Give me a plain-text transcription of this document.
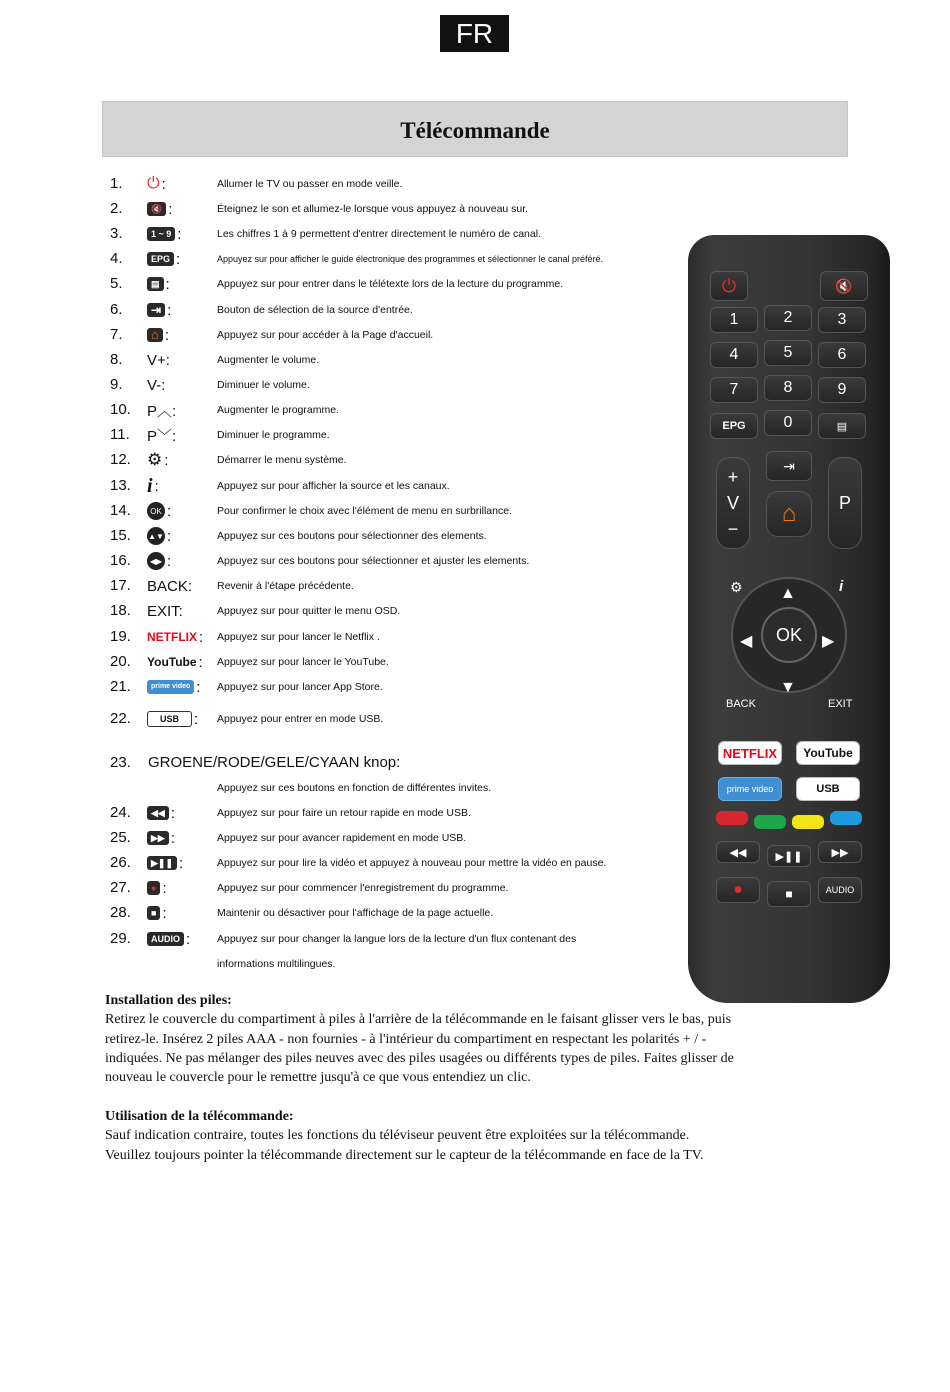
FR
Télécommande
1. ⏻ :	Allumer le TV ou passer en mode veille.
2.	🔇 :	Éteignez le son et allumez-le lorsque vous appuyez à nouveau sur.
3.	1 ~ 9 :	Les chiffres 1 à 9 permettent d'entrer directement le numéro de canal.
4.	EPG :	Appuyez sur pour afficher le guide électronique des programmes et sélectionner le canal préféré.
5.	▤ :	Appuyez sur pour entrer dans le télétexte lors de la lecture du programme.
6.	⇥ :	Bouton de sélection de la source d'entrée.
7.	⌂ :	Appuyez sur pour accéder à la Page d'accueil.
8. V+:	Augmenter le volume.
9. V-:	Diminuer le volume.
10. P︿:	Augmenter le programme.
11. P﹀:	Diminuer le programme.
12. ⚙ :	Démarrer le menu système.
13. i :	Appuyez sur pour afficher la source et les canaux.
14.	OK :	Pour confirmer le choix avec l'élément de menu en surbrillance.
15. ▲▼ :	Appuyez sur ces boutons pour sélectionner des elements.
16.	◀▶ :	Appuyez sur ces boutons pour sélectionner et ajuster les elements.
17. BACK: Revenir à l'étape précédente.
18. EXIT:	Appuyez sur pour quitter le menu OSD.
19. NETFLIX : Appuyez sur pour lancer le Netflix .
20. YouTube : Appuyez sur pour lancer le YouTube.
21.	prime video : Appuyez sur pour lancer App Store.
22.	USB	: Appuyez pour entrer en mode USB.
23. GROENE/RODE/GELE/CYAAN knop:
Appuyez sur ces boutons en fonction de différentes invites.
24.	◀◀ :	Appuyez sur pour faire un retour rapide en mode USB.
25.	▶▶ :	Appuyez sur pour avancer rapidement en mode USB.
26.	▶❚❚ :	Appuyez sur pour lire la vidéo et appuyez à nouveau pour mettre la vidéo en pause.
27.	● :	Appuyez sur pour commencer l'enregistrement du programme.
28.	■ :	Maintenir ou désactiver pour l'affichage de la page actuelle.
29.	AUDIO :	Appuyez sur pour changer la langue lors de la lecture d'un flux contenant des
informations multilingues.
Installation des piles:
Retirez le couvercle du compartiment à piles à l'arrière de la télécommande en le faisant glisser vers le bas, puis
retirez-le. Insérez 2 piles AAA - non fournies - à l'intérieur du compartiment en respectant les polarités + / -
indiquées. Ne pas mélanger des piles neuves avec des piles usagées ou différents types de piles. Faites glisser de
nouveau le couvercle pour le remettre jusqu'à ce que vous entendiez un clic.
Utilisation de la télécommande:
Sauf indication contraire, toutes les fonctions du téléviseur peuvent être exploitées sur la télécommande.
Veuillez toujours pointer la télécommande directement sur le capteur de la télécommande en face de la TV.
⏻	🔇
1	2	3
4	5	6
7	8	9
EPG	0	▤
+
V
−
⇥
⌂	P
⚙	i
▲
▼
◀	▶
OK
BACK	EXIT
NETFLIX	YouTube
prime video	USB
◀◀	▶❚❚	▶▶
●	■	AUDIO
